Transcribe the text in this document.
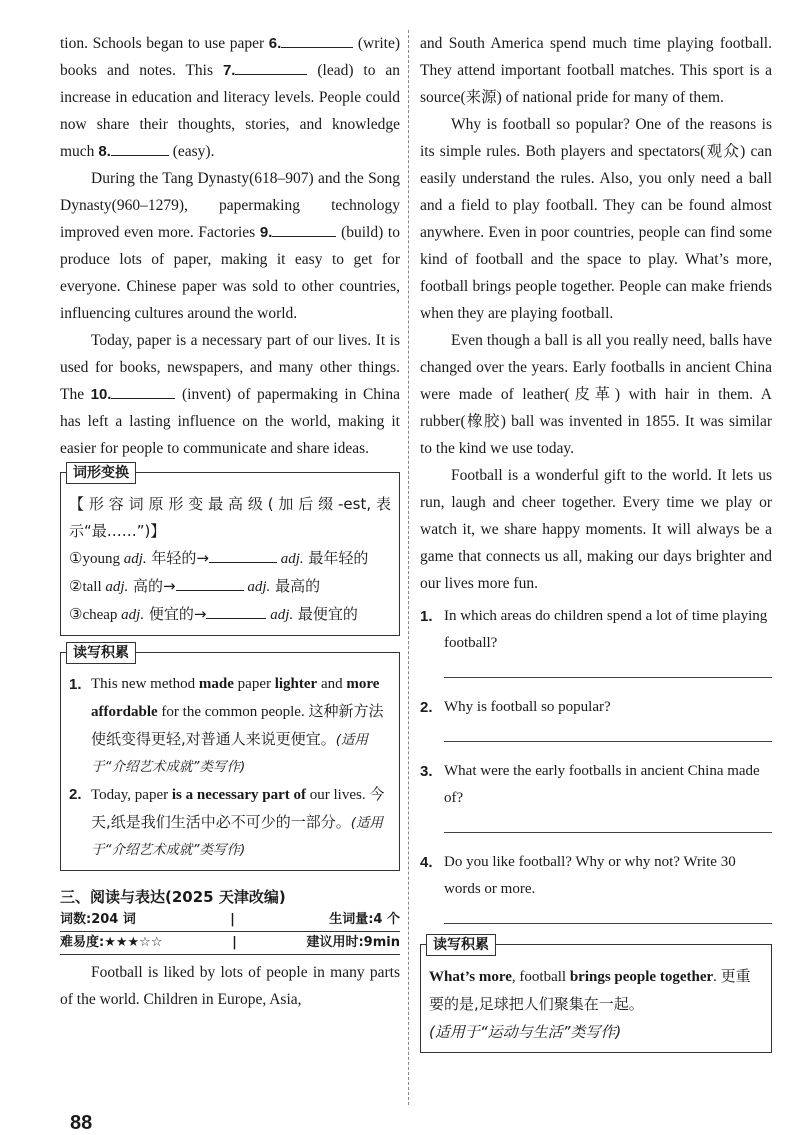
tion. Schools began to use paper 6.	(write) books and notes. This 7.	(lead) to an increase in education and literacy levels. People could now share their thoughts, stories, and knowledge much 8.	(easy).

During the Tang Dynasty(618–907) and the Song Dynasty(960–1279), papermaking technology improved even more. Factories 9.	(build) to produce lots of paper, making it easy to get for everyone. Chinese paper was sold to other countries, influencing cultures around the world.

Today, paper is a necessary part of our lives. It is used for books, newspapers, and many other things. The 10.	(invent) of papermaking in China has left a lasting influence on the world, making it easier for people to communicate and share ideas.

词形变换

【形容词原形变最高级(加后缀-est,表示“最……”)】

①young adj. 年轻的→	adj. 最年轻的

②tall adj. 高的→	adj. 最高的

③cheap adj. 便宜的→	adj. 最便宜的

读写积累
1. This new method made paper lighter and more affordable for the common people. 这种新方法使纸变得更轻,对普通人来说更便宜。(适用于“介绍艺术成就”类写作)
2. Today, paper is a necessary part of our lives. 今天,纸是我们生活中必不可少的一部分。(适用于“介绍艺术成就”类写作)
三、阅读与表达(2025 天津改编)
词数:204 词	|	生词量:4 个
难易度:★★★☆☆	|	建议用时:9min

Football is liked by lots of people in many parts of the world. Children in Europe, Asia,

and South America spend much time playing football. They attend important football matches. This sport is a source(来源) of national pride for many of them.

Why is football so popular? One of the reasons is its simple rules. Both players and spectators(观众) can easily understand the rules. Also, you only need a ball and a field to play football. They can be found almost anywhere. Even in poor countries, people can find some kind of football and the space to play. What’s more, football brings people together. People can make friends when they are playing football.

Even though a ball is all you really need, balls have changed over the years. Early footballs in ancient China were made of leather(皮革) with hair in them. A rubber(橡胶) ball was invented in 1855. It was similar to the kind we use today.

Football is a wonderful gift to the world. It lets us run, laugh and cheer together. Every time we play or watch it, we share happy moments. It will always be a game that connects us all, making our days brighter and our lives more fun.

1. In which areas do children spend a lot of time playing football?
2. Why is football so popular?
3. What were the early footballs in ancient China made of?
4. Do you like football? Why or why not? Write 30 words or more.
读写积累

What’s more, football brings people together. 更重要的是,足球把人们聚集在一起。

(适用于“运动与生活”类写作)

88
